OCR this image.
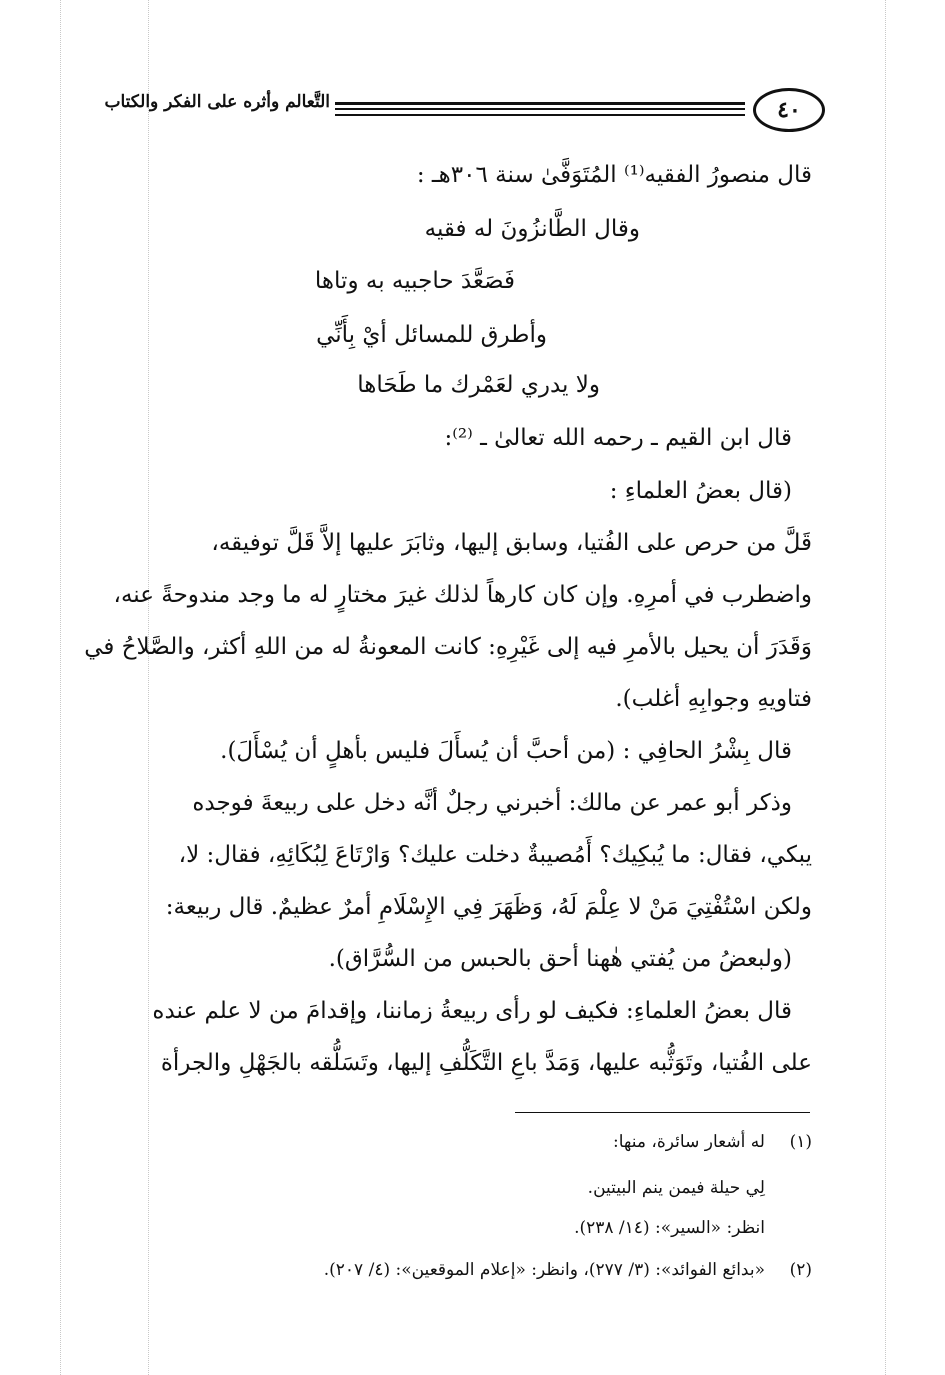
التَّعالم وأثره على الفكر والكتاب	٤٠
قال منصورُ الفقيه⁽¹⁾ المُتَوَفَّىٰ سنة ٣٠٦هـ :
وقال الطَّانزُونَ له فقيه
فَصَعَّدَ حاجبيه به وتاها
وأطرق للمسائل أيْ بِأَنِّي
ولا يدري لعَمْرك ما طَحَاها
قال ابن القيم ـ رحمه الله تعالىٰ ـ ⁽²⁾:
(قال بعضُ العلماءِ :
قَلَّ من حرص على الفُتيا، وسابق إليها، وثابَرَ عليها إلاَّ قَلَّ توفيقه،
واضطرب في أمرِهِ. وإن كان كارهاً لذلك غيرَ مختارٍ له ما وجد مندوحةً عنه،
وَقَدَرَ أن يحيل بالأمرِ فيه إلى غَيْرِهِ: كانت المعونةُ له من اللهِ أكثر، والصَّلاحُ في
فتاويهِ وجوابِهِ أغلب).
قال بِشْرُ الحافِي : (من أحبَّ أن يُسأَلَ فليس بأهلٍ أن يُسْأَلَ).
وذكر أبو عمر عن مالك: أخبرني رجلٌ أنَّه دخل على ربيعةَ فوجده
يبكي، فقال: ما يُبكِيك؟ أَمُصيبةٌ دخلت عليك؟ وَارْتَاعَ لِبُكَائِهِ، فقال: لا،
ولكن اسْتُفْتِيَ مَنْ لا عِلْمَ لَهُ، وَظَهَرَ فِي الإِسْلَامِ أمرٌ عظيمٌ. قال ربيعة:
(ولبعضُ من يُفتي هٰهنا أحق بالحبس من السُّرَّاق).
قال بعضُ العلماءِ: فكيف لو رأى ربيعةُ زماننا، وإقدامَ من لا علم عنده
على الفُتيا، وتَوَثُّبه عليها، وَمَدَّ باعِ التَّكَلُّفِ إليها، وتَسَلُّقه بالجَهْلِ والجرأة
(١)
له أشعار سائرة، منها:
لِي حيلة فيمن ينم البيتين.
انظر: «السير»: (١٤/ ٢٣٨).
(٢)
«بدائع الفوائد»: (٣/ ٢٧٧)، وانظر: «إعلام الموقعين»: (٤/ ٢٠٧).
